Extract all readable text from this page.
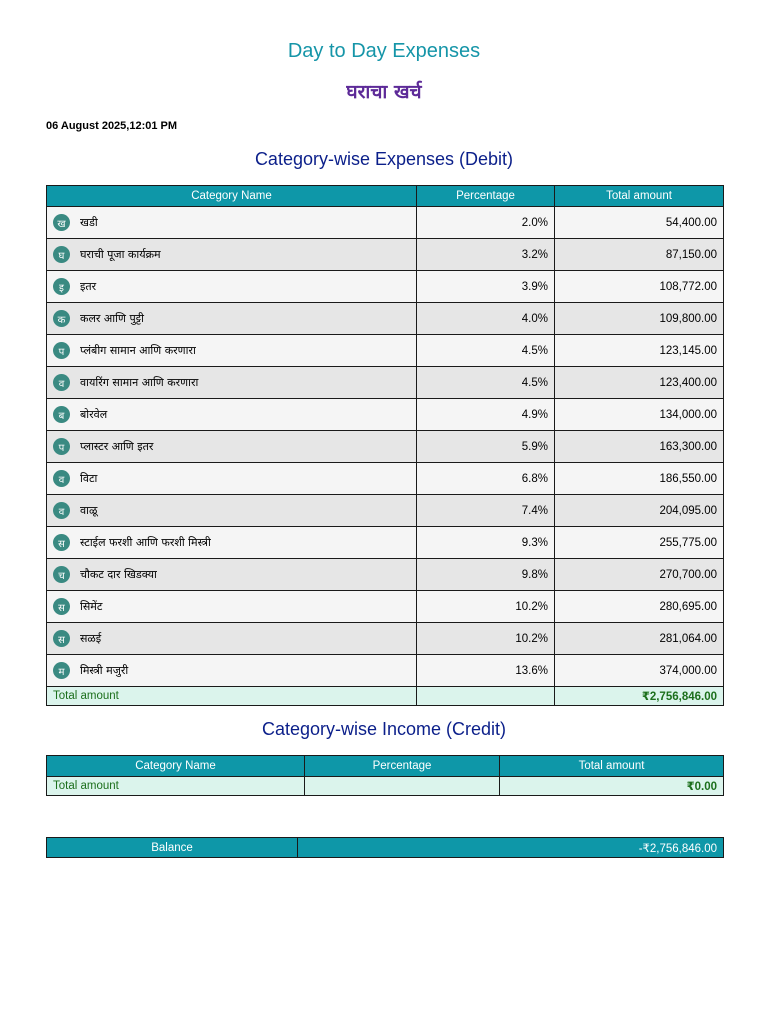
Day to Day Expenses
घराचा खर्च
06 August 2025,12:01 PM
Category-wise Expenses (Debit)
Category Name	Percentage	Total amount

ख खडी	2.0%	54,400.00

घ घराची पूजा कार्यक्रम	3.2%	87,150.00

इ इतर	3.9%	108,772.00

क कलर आणि पुट्टी	4.0%	109,800.00

प प्लंबीग सामान आणि करणारा	4.5%	123,145.00

व वायरिंग सामान आणि करणारा	4.5%	123,400.00

ब बोरवेल	4.9%	134,000.00

प प्लास्टर आणि इतर	5.9%	163,300.00

व विटा	6.8%	186,550.00

व वाळू	7.4%	204,095.00

स स्टाईल फरशी आणि फरशी मिस्त्री	9.3%	255,775.00

च चौकट दार खिडक्या	9.8%	270,700.00

स सिमेंट	10.2%	280,695.00

स सळई	10.2%	281,064.00

म मिस्त्री मजुरी	13.6%	374,000.00
Total amount		₹2,756,846.00
Category-wise Income (Credit)
Category Name	Percentage	Total amount
Total amount		₹0.00
Balance	-₹2,756,846.00
